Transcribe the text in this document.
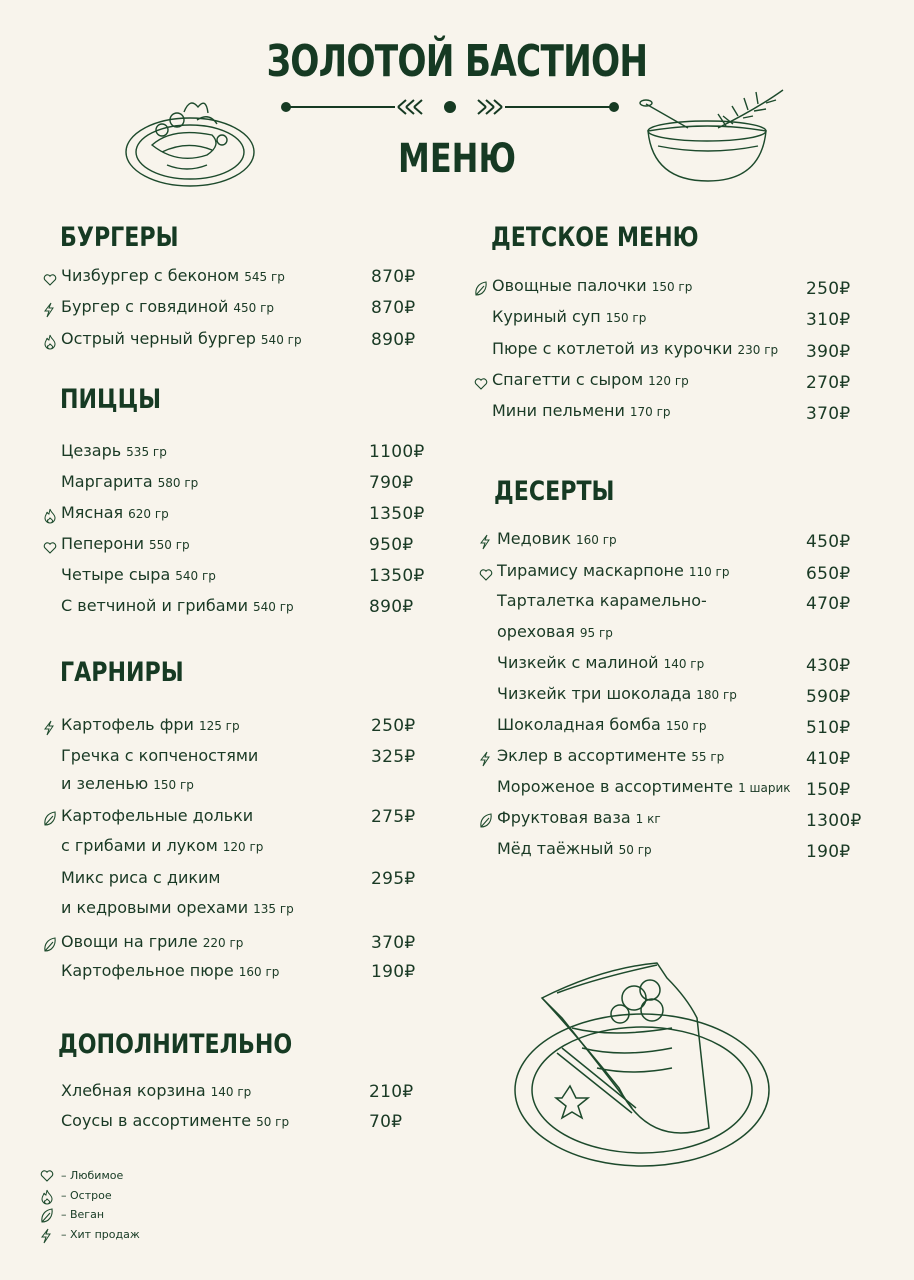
ЗОЛОТОЙ БАСТИОН
МЕНЮ
БУРГЕРЫ
Чизбургер с беконом 545 гр	870₽
Бургер с говядиной 450 гр	870₽
Острый черный бургер 540 гр	890₽
ПИЦЦЫ
Цезарь 535 гр	1100₽
Маргарита 580 гр	790₽
Мясная 620 гр	1350₽
Пеперони 550 гр	950₽
Четыре сыра 540 гр	1350₽
С ветчиной и грибами 540 гр	890₽
ГАРНИРЫ
Картофель фри 125 гр	250₽
Гречка с копченостями	325₽
и зеленью 150 гр
Картофельные дольки	275₽
с грибами и луком 120 гр
Микс риса с диким	295₽
и кедровыми орехами 135 гр
Овощи на гриле 220 гр	370₽
Картофельное пюре 160 гр	190₽
ДОПОЛНИТЕЛЬНО
Хлебная корзина 140 гр	210₽
Соусы в ассортименте 50 гр	70₽
ДЕТСКОЕ МЕНЮ
Овощные палочки 150 гр	250₽
Куриный суп 150 гр	310₽
Пюре с котлетой из курочки 230 гр 390₽
Спагетти с сыром 120 гр	270₽
Мини пельмени 170 гр	370₽
ДЕСЕРТЫ
Медовик 160 гр	450₽
Тирамису маскарпоне 110 гр	650₽
Тарталетка карамельно-	470₽
ореховая 95 гр
Чизкейк с малиной 140 гр	430₽
Чизкейк три шоколада 180 гр	590₽
Шоколадная бомба 150 гр	510₽
Эклер в ассортименте 55 гр	410₽
Мороженое в ассортименте 1 шарик 150₽
Фруктовая ваза 1 кг	1300₽
Мёд таёжный 50 гр	190₽
– Любимое
– Острое
– Веган
– Хит продаж
